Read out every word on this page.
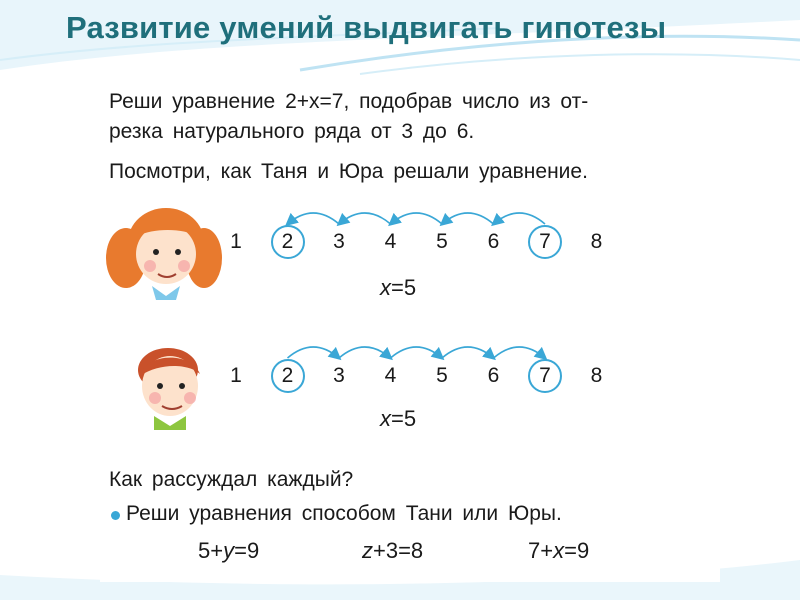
Развитие умений выдвигать гипотезы
Реши уравнение 2+x=7, подобрав число из от-
резка натурального ряда от 3 до 6.
Посмотри, как Таня и Юра решали уравнение.
1	2	3	4	5	6	7	8
1	2	3	4	5	6	7	8
x=5
x=5
Как рассуждал каждый?
Реши уравнения способом Тани или Юры.
5+y=9	z+3=8	7+x=9
